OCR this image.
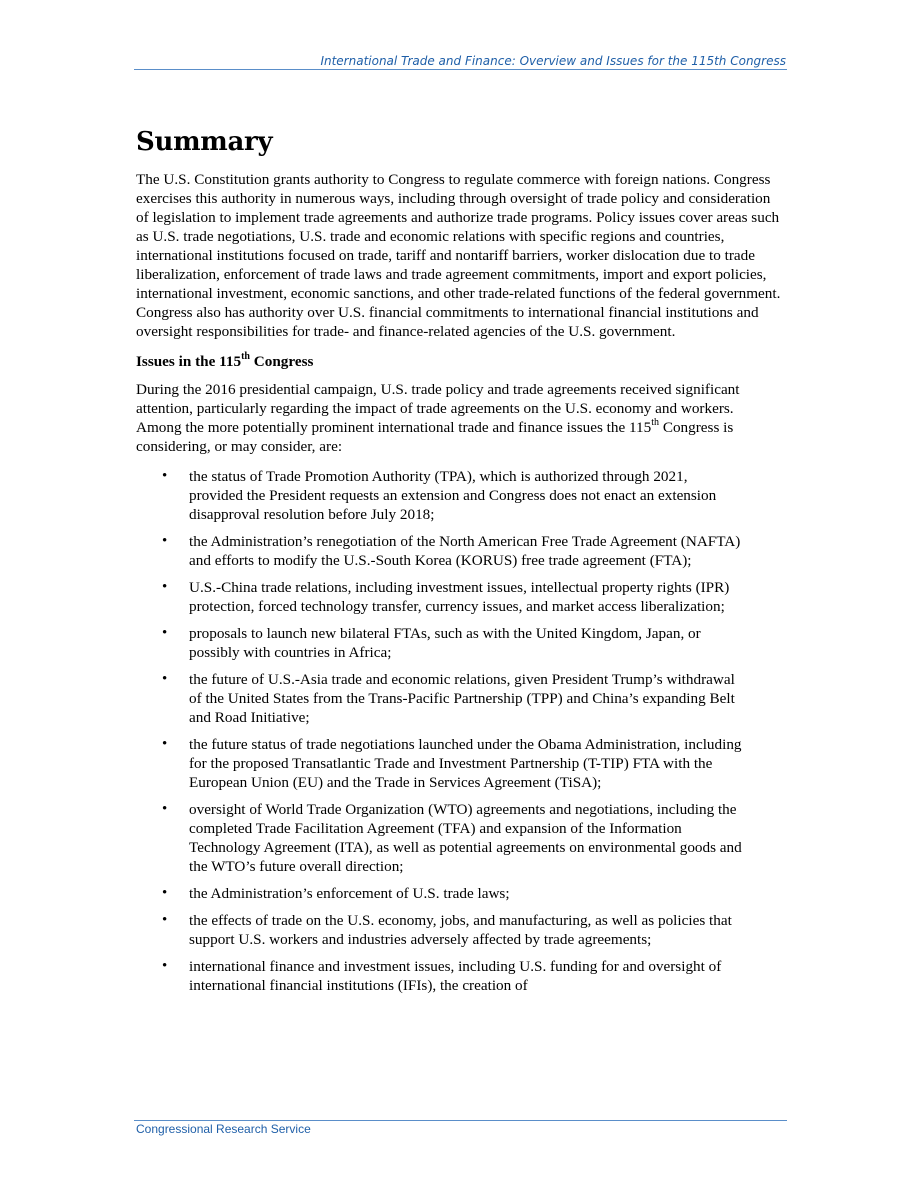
International Trade and Finance: Overview and Issues for the 115th Congress
Summary

The U.S. Constitution grants authority to Congress to regulate commerce with foreign nations. Congress exercises this authority in numerous ways, including through oversight of trade policy and consideration of legislation to implement trade agreements and authorize trade programs. Policy issues cover areas such as U.S. trade negotiations, U.S. trade and economic relations with specific regions and countries, international institutions focused on trade, tariff and nontariff barriers, worker dislocation due to trade liberalization, enforcement of trade laws and trade agreement commitments, import and export policies, international investment, economic sanctions, and other trade-related functions of the federal government. Congress also has authority over U.S. financial commitments to international financial institutions and oversight responsibilities for trade- and finance-related agencies of the U.S. government.

Issues in the 115th Congress

During the 2016 presidential campaign, U.S. trade policy and trade agreements received significant attention, particularly regarding the impact of trade agreements on the U.S. economy and workers. Among the more potentially prominent international trade and finance issues the 115th Congress is considering, or may consider, are:

• the status of Trade Promotion Authority (TPA), which is authorized through 2021, provided the President requests an extension and Congress does not enact an extension disapproval resolution before July 2018;
• the Administration’s renegotiation of the North American Free Trade Agreement (NAFTA) and efforts to modify the U.S.-South Korea (KORUS) free trade agreement (FTA);
• U.S.-China trade relations, including investment issues, intellectual property rights (IPR) protection, forced technology transfer, currency issues, and market access liberalization;
• proposals to launch new bilateral FTAs, such as with the United Kingdom, Japan, or possibly with countries in Africa;
• the future of U.S.-Asia trade and economic relations, given President Trump’s withdrawal of the United States from the Trans-Pacific Partnership (TPP) and China’s expanding Belt and Road Initiative;
• the future status of trade negotiations launched under the Obama Administration, including for the proposed Transatlantic Trade and Investment Partnership (T-TIP) FTA with the European Union (EU) and the Trade in Services Agreement (TiSA);
• oversight of World Trade Organization (WTO) agreements and negotiations, including the completed Trade Facilitation Agreement (TFA) and expansion of the Information Technology Agreement (ITA), as well as potential agreements on environmental goods and the WTO’s future overall direction;
• the Administration’s enforcement of U.S. trade laws;
• the effects of trade on the U.S. economy, jobs, and manufacturing, as well as policies that support U.S. workers and industries adversely affected by trade agreements;
• international finance and investment issues, including U.S. funding for and oversight of international financial institutions (IFIs), the creation of
Congressional Research Service
